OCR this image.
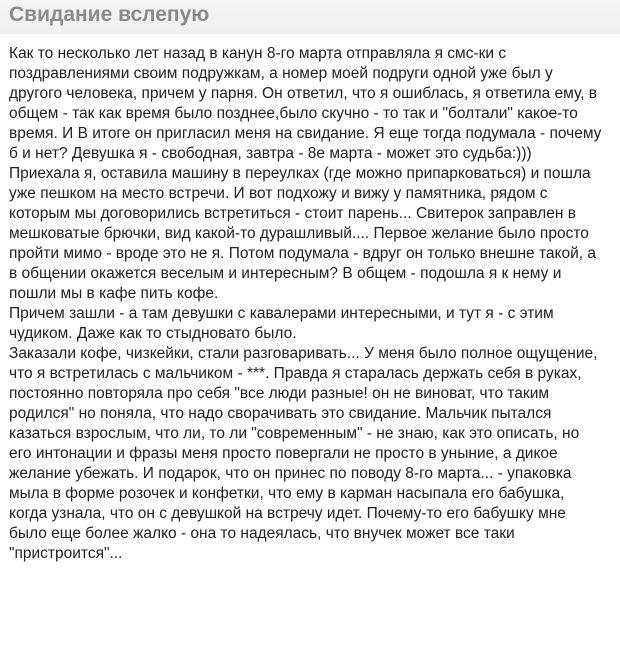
Свидание вслепую
Как то несколько лет назад в канун 8-го марта отправляла я смс-ки с
поздравлениями своим подружкам, а номер моей подруги одной уже был у
другого человека, причем у парня. Он ответил, что я ошиблась, я ответила ему, в
общем - так как время было позднее,было скучно - то так и "болтали" какое-то
время. И В итоге он пригласил меня на свидание. Я еще тогда подумала - почему
б и нет? Девушка я - свободная, завтра - 8е марта - может это судьба:)))
Приехала я, оставила машину в переулках (где можно припарковаться) и пошла
уже пешком на место встречи. И вот подхожу и вижу у памятника, рядом с
которым мы договорились встретиться - стоит парень... Свитерок заправлен в
мешковатые брючки, вид какой-то дурашливый.... Первое желание было просто
пройти мимо - вроде это не я. Потом подумала - вдруг он только внешне такой, а
в общении окажется веселым и интересным? В общем - подошла я к нему и
пошли мы в кафе пить кофе.
Причем зашли - а там девушки с кавалерами интересными, и тут я - с этим
чудиком. Даже как то стыдновато было.
Заказали кофе, чизкейки, стали разговаривать... У меня было полное ощущение,
что я встретилась с мальчиком - ***. Правда я старалась держать себя в руках,
постоянно повторяла про себя "все люди разные! он не виноват, что таким
родился" но поняла, что надо сворачивать это свидание. Мальчик пытался
казаться взрослым, что ли, то ли "современным" - не знаю, как это описать, но
его интонации и фразы меня просто повергали не просто в уныние, а дикое
желание убежать. И подарок, что он принес по поводу 8-го марта... - упаковка
мыла в форме розочек и конфетки, что ему в карман насыпала его бабушка,
когда узнала, что он с девушкой на встречу идет. Почему-то его бабушку мне
было еще более жалко - она то надеялась, что внучек может все таки
"пристроится"...
